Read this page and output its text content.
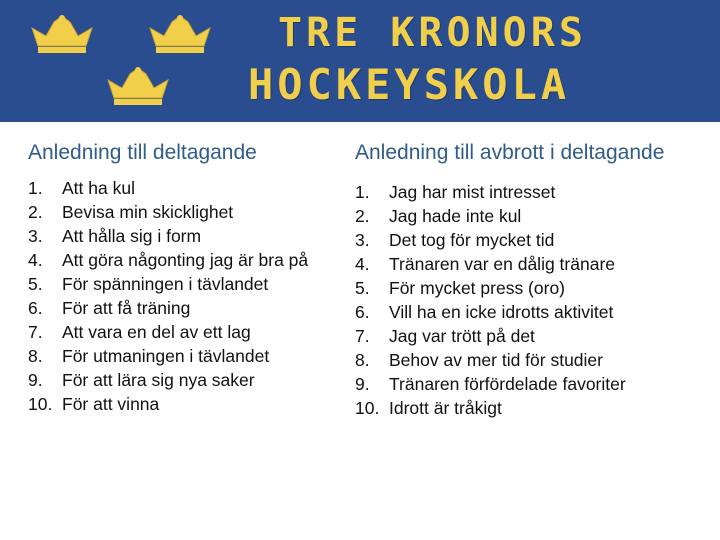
TRE KRONORS
HOCKEYSKOLA
Anledning till deltagande
1.	Att ha kul
2.	Bevisa min skicklighet
3.	Att hålla sig i form
4.	Att göra någonting jag är bra på
5.	För spänningen i tävlandet
6.	För att få träning
7.	Att vara en del av ett lag
8.	För utmaningen i tävlandet
9.	För att lära sig nya saker
10. För att vinna
Anledning till avbrott i deltagande
1.	Jag har mist intresset
2.	Jag hade inte kul
3.	Det tog för mycket tid
4.	Tränaren var en dålig tränare
5.	För mycket press (oro)
6.	Vill ha en icke idrotts aktivitet
7.	Jag var trött på det
8.	Behov av mer tid för studier
9.	Tränaren förfördelade favoriter
10. Idrott är tråkigt
